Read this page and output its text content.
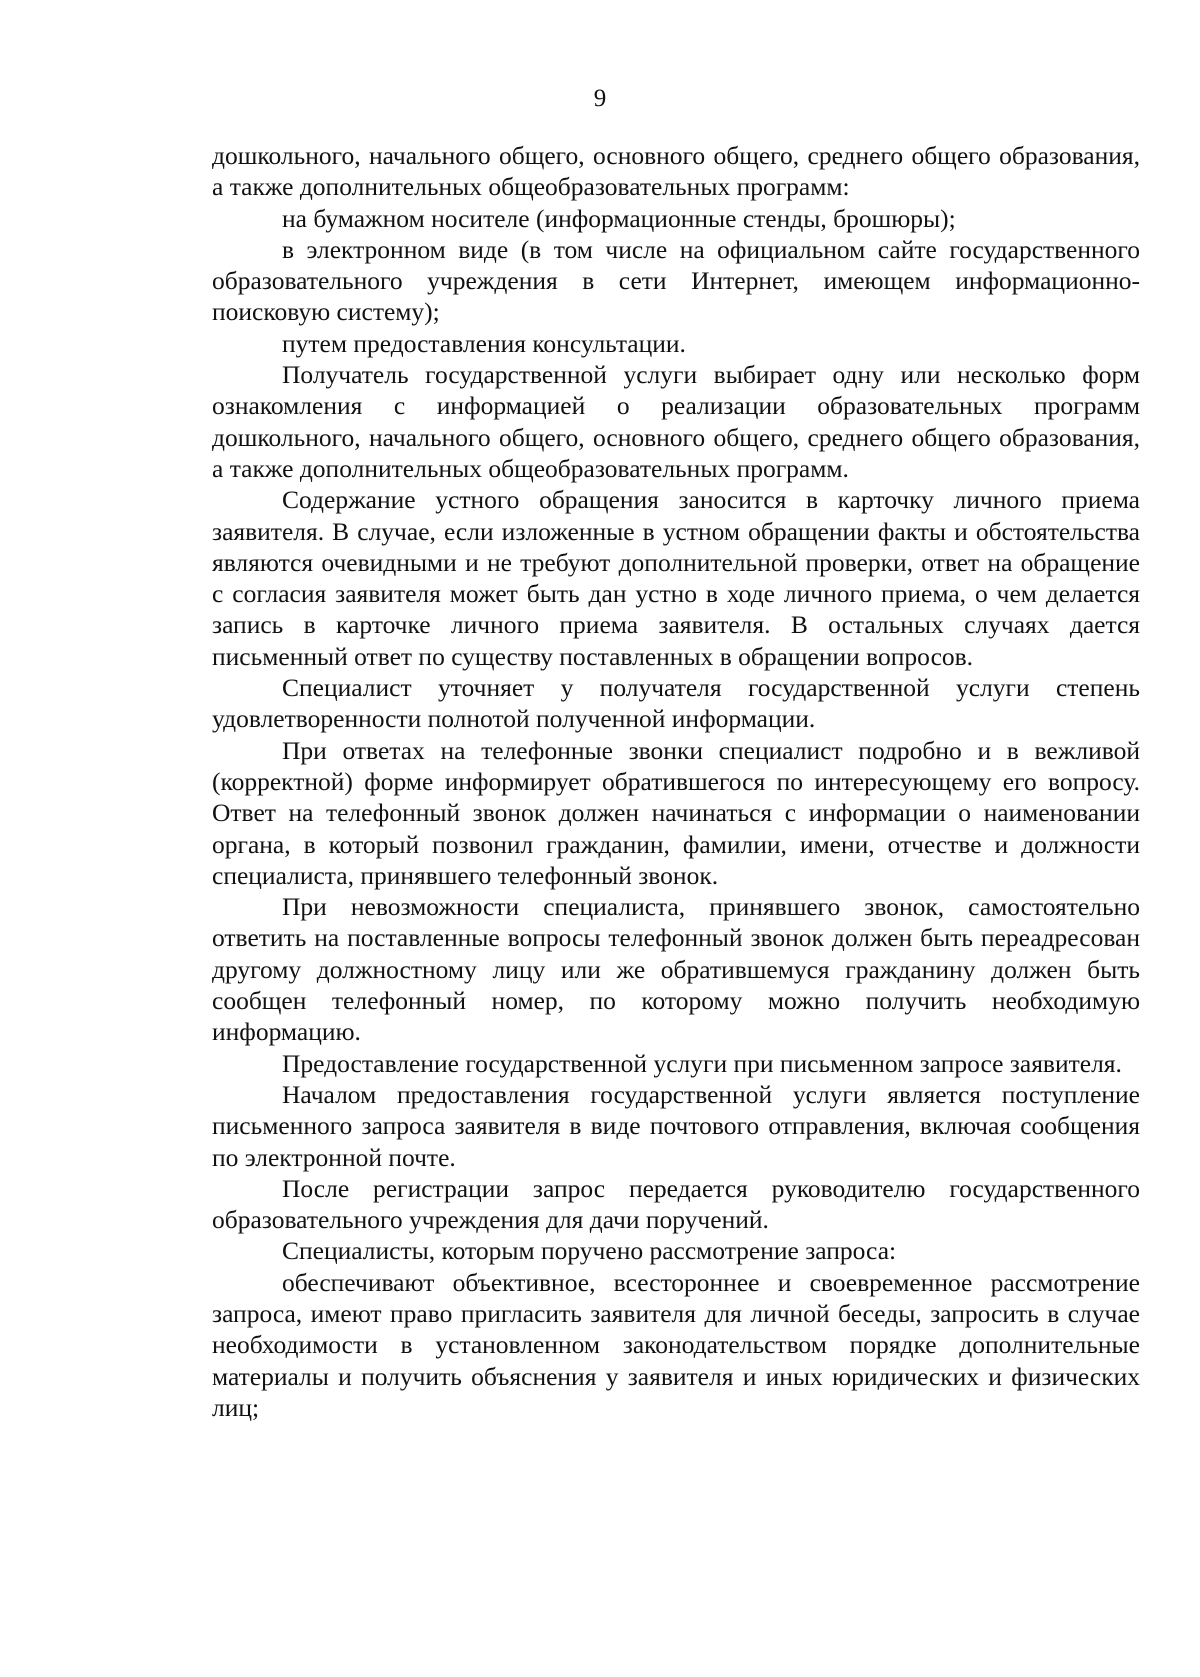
9

дошкольного, начального общего, основного общего, среднего общего образования, а также дополнительных общеобразовательных программ:

на бумажном носителе (информационные стенды, брошюры);

в электронном виде (в том числе на официальном сайте государственного образовательного учреждения в сети Интернет, имеющем информационно-поисковую систему);

путем предоставления консультации.

Получатель государственной услуги выбирает одну или несколько форм ознакомления с информацией о реализации образовательных программ дошкольного, начального общего, основного общего, среднего общего образования, а также дополнительных общеобразовательных программ.

Содержание устного обращения заносится в карточку личного приема заявителя. В случае, если изложенные в устном обращении факты и обстоятельства являются очевидными и не требуют дополнительной проверки, ответ на обращение с согласия заявителя может быть дан устно в ходе личного приема, о чем делается запись в карточке личного приема заявителя. В остальных случаях дается письменный ответ по существу поставленных в обращении вопросов.

Специалист уточняет у получателя государственной услуги степень удовлетворенности полнотой полученной информации.

При ответах на телефонные звонки специалист подробно и в вежливой (корректной) форме информирует обратившегося по интересующему его вопросу. Ответ на телефонный звонок должен начинаться с информации о наименовании органа, в который позвонил гражданин, фамилии, имени, отчестве и должности специалиста, принявшего телефонный звонок.

При невозможности специалиста, принявшего звонок, самостоятельно ответить на поставленные вопросы телефонный звонок должен быть переадресован другому должностному лицу или же обратившемуся гражданину должен быть сообщен телефонный номер, по которому можно получить необходимую информацию.

Предоставление государственной услуги при письменном запросе заявителя.

Началом предоставления государственной услуги является поступление письменного запроса заявителя в виде почтового отправления, включая сообщения по электронной почте.

После регистрации запрос передается руководителю государственного образовательного учреждения для дачи поручений.

Специалисты, которым поручено рассмотрение запроса:

обеспечивают объективное, всестороннее и своевременное рассмотрение запроса, имеют право пригласить заявителя для личной беседы, запросить в случае необходимости в установленном законодательством порядке дополнительные материалы и получить объяснения у заявителя и иных юридических и физических лиц;
